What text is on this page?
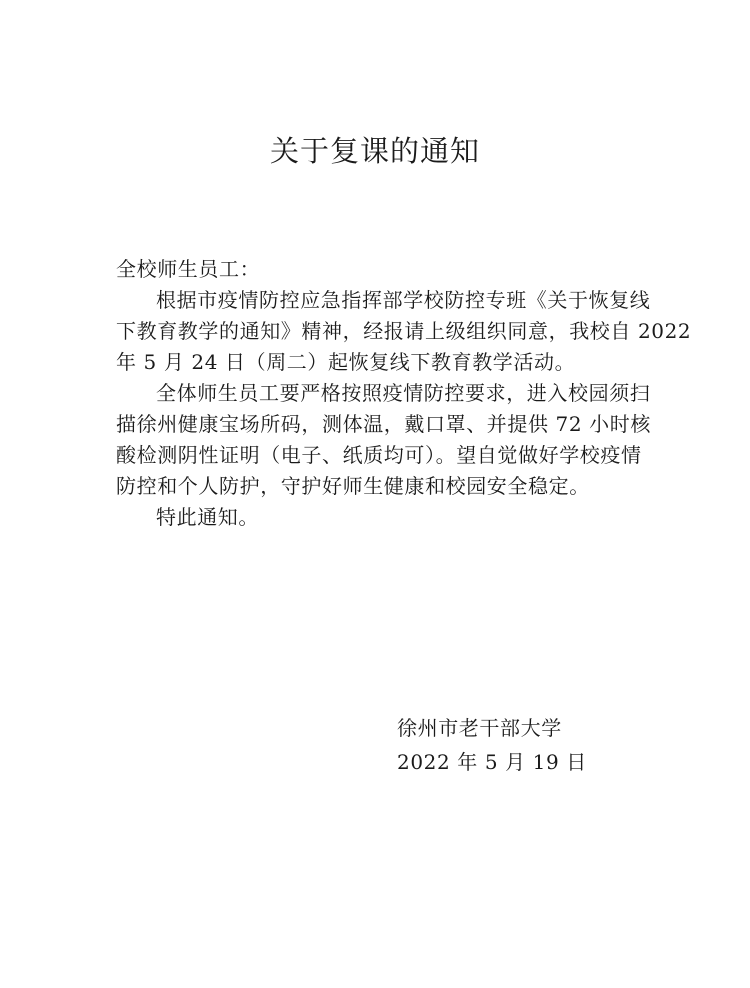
关于复课的通知
全校师生员工：
根据市疫情防控应急指挥部学校防控专班《关于恢复线
下教育教学的通知》精神，经报请上级组织同意，我校自 2022
年 5 月 24 日（周二）起恢复线下教育教学活动。
全体师生员工要严格按照疫情防控要求，进入校园须扫
描徐州健康宝场所码，测体温，戴口罩、并提供 72 小时核
酸检测阴性证明（电子、纸质均可）。望自觉做好学校疫情
防控和个人防护，守护好师生健康和校园安全稳定。
特此通知。
徐州市老干部大学
2022 年 5 月 19 日
